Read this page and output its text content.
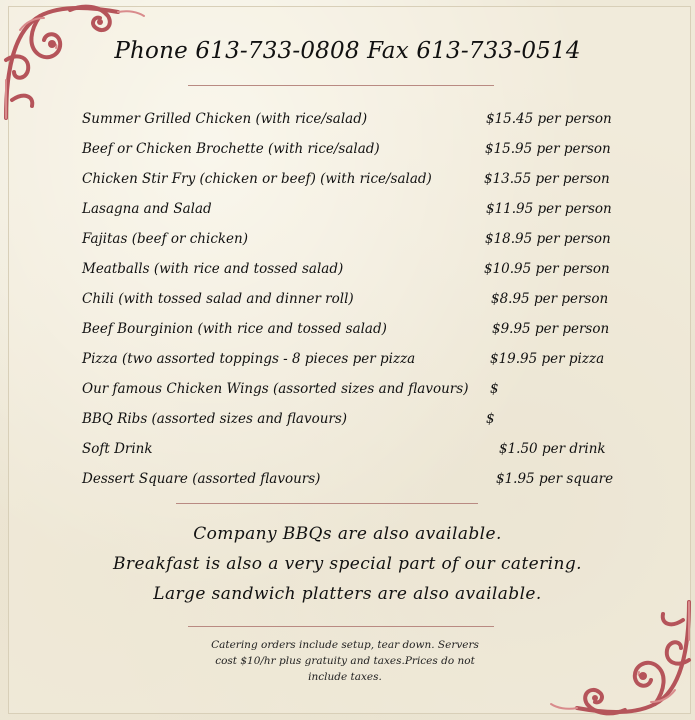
Phone 613-733-0808 Fax 613-733-0514
Summer Grilled Chicken (with rice/salad)	$15.45 per person
Beef or Chicken Brochette (with rice/salad)	$15.95 per person
Chicken Stir Fry (chicken or beef) (with rice/salad)	$13.55 per person
Lasagna and Salad	$11.95 per person
Fajitas (beef or chicken)	$18.95 per person
Meatballs (with rice and tossed salad)	$10.95 per person
Chili (with tossed salad and dinner roll)	$8.95 per person
Beef Bourginion (with rice and tossed salad)	$9.95 per person
Pizza (two assorted toppings - 8 pieces per pizza	$19.95 per pizza
Our famous Chicken Wings (assorted sizes and flavours) $
BBQ Ribs (assorted sizes and flavours)	$
Soft Drink	$1.50 per drink
Dessert Square (assorted flavours)	$1.95 per square
Company BBQs are also available.
Breakfast is also a very special part of our catering.
Large sandwich platters are also available.
Catering orders include setup, tear down. Servers
cost $10/hr plus gratuity and taxes.Prices do not
include taxes.
